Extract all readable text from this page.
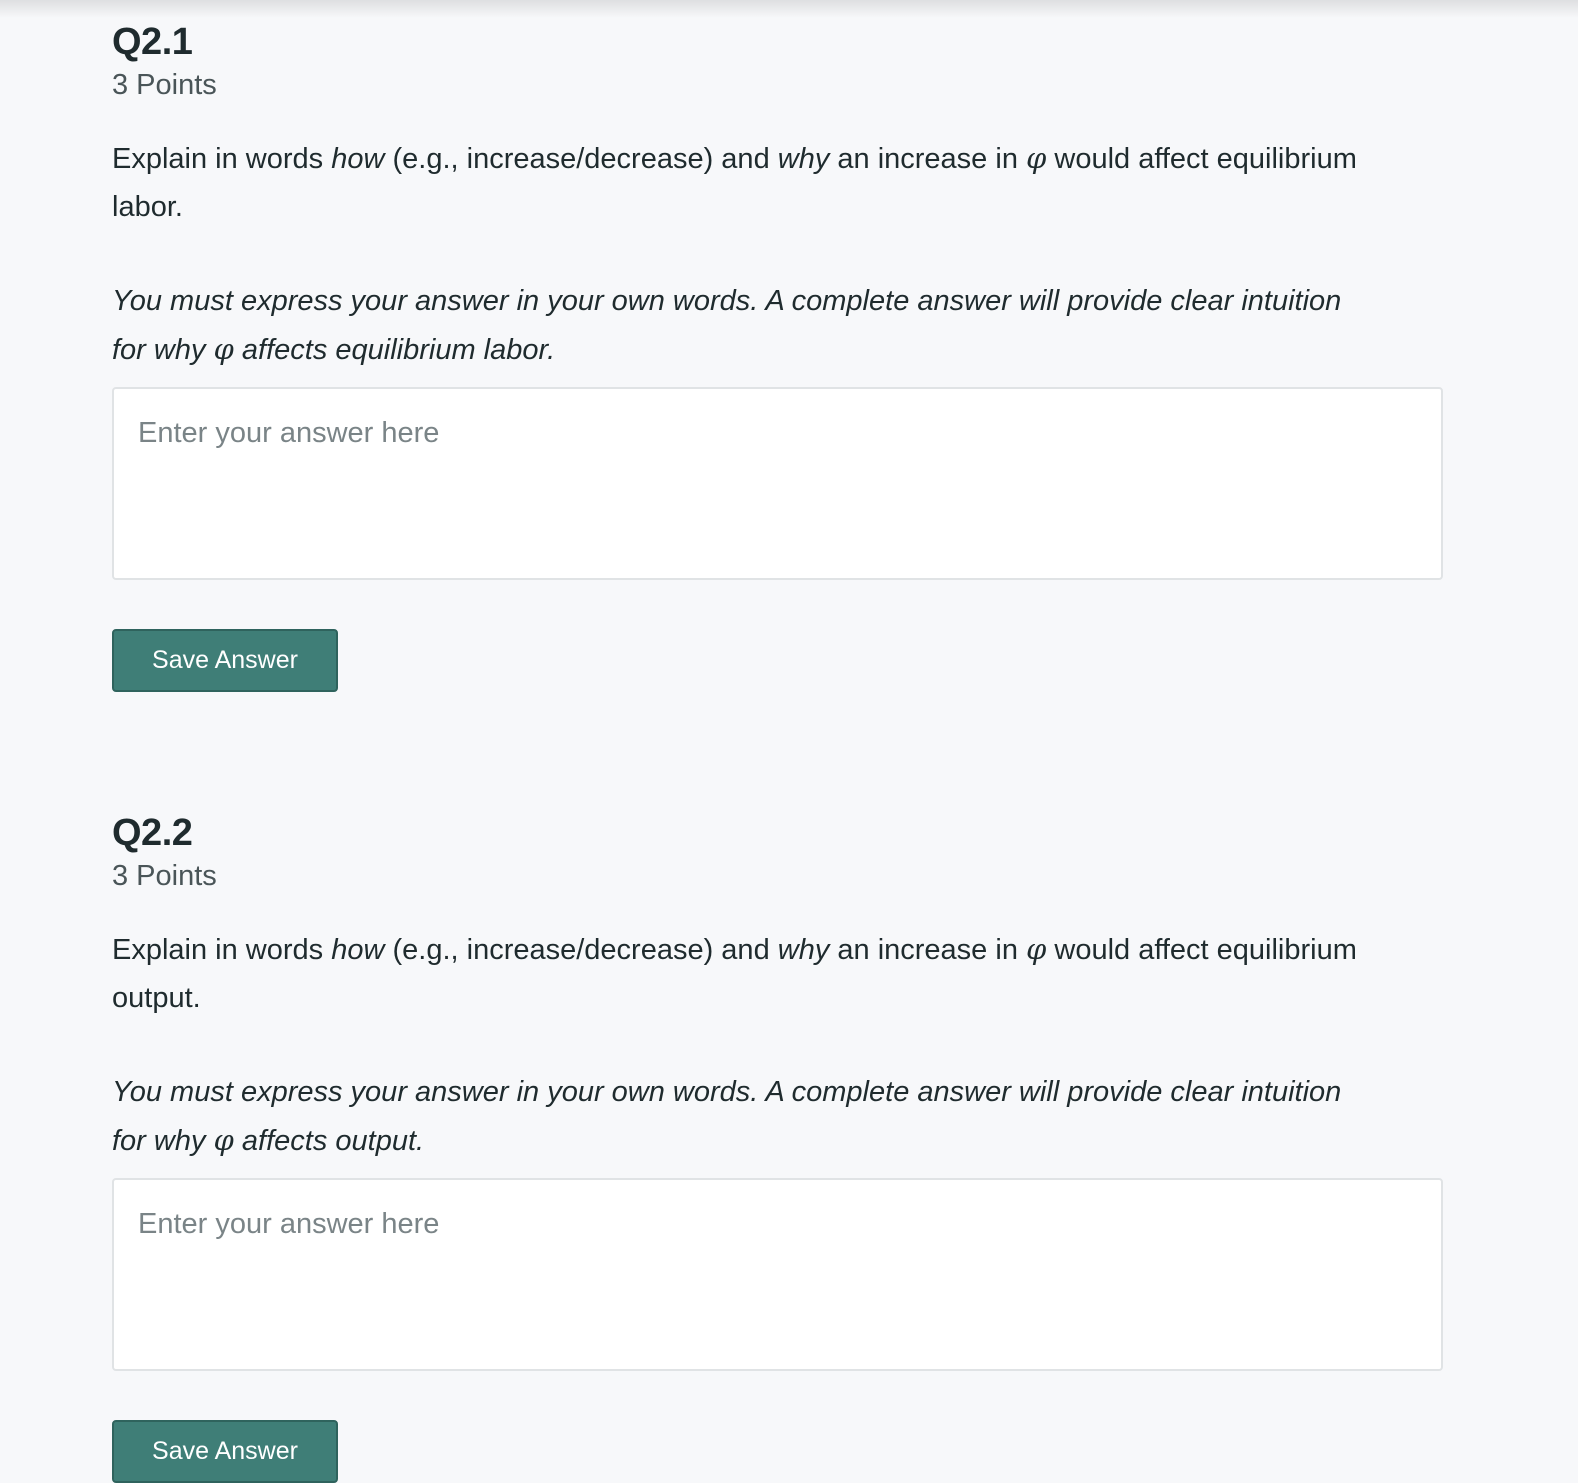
Q2.1
3 Points

Explain in words how (e.g., increase/decrease) and why an increase in φ would affect equilibrium labor.

You must express your answer in your own words. A complete answer will provide clear intuition for why φ affects equilibrium labor.

Enter your answer here
Save Answer
Q2.2
3 Points

Explain in words how (e.g., increase/decrease) and why an increase in φ would affect equilibrium output.

You must express your answer in your own words. A complete answer will provide clear intuition for why φ affects output.

Enter your answer here
Save Answer
